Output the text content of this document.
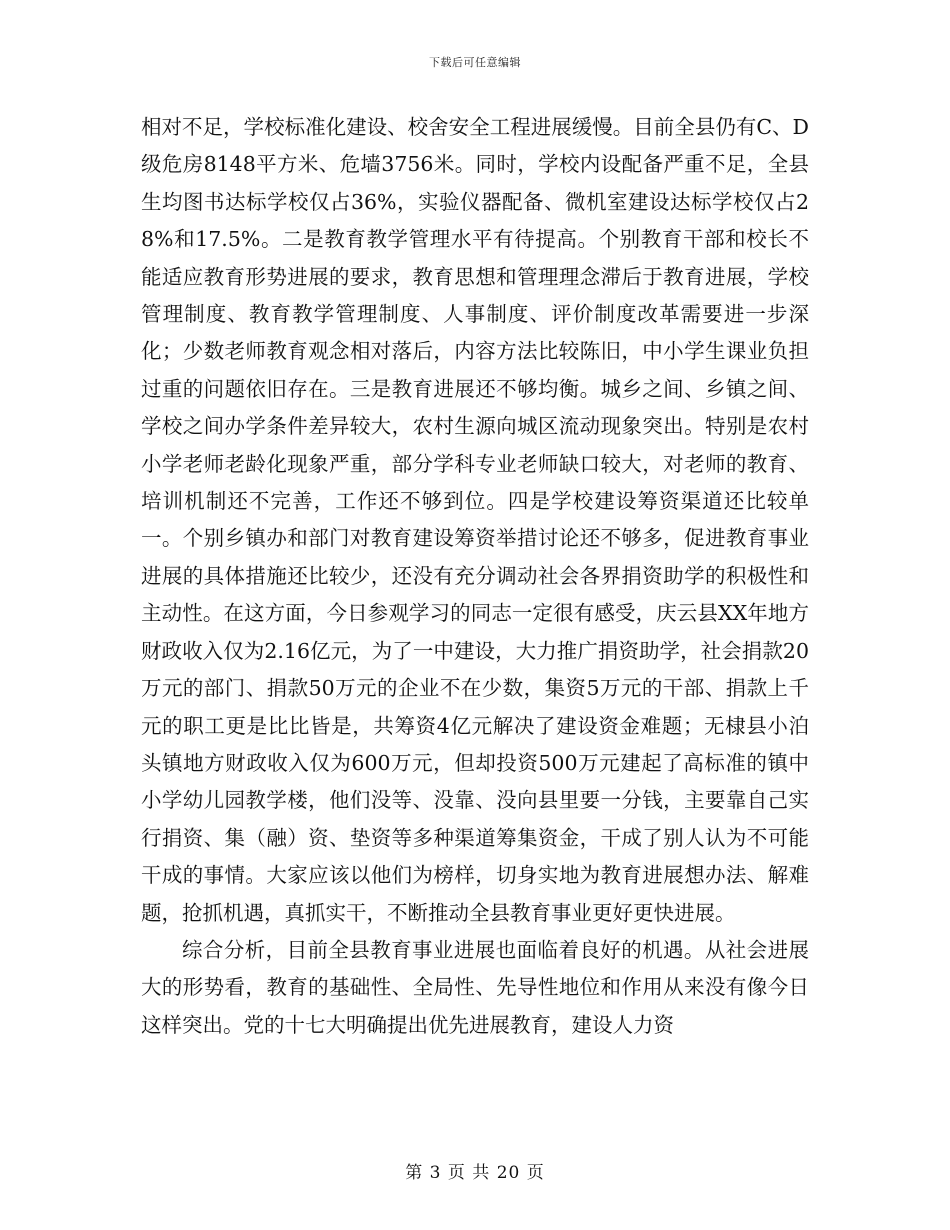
下载后可任意编辑

相对不足，学校标准化建设、校舍安全工程进展缓慢。目前全县仍有C、D级危房8148平方米、危墙3756米。同时，学校内设配备严重不足，全县生均图书达标学校仅占36%，实验仪器配备、微机室建设达标学校仅占28%和17.5%。二是教育教学管理水平有待提高。个别教育干部和校长不能适应教育形势进展的要求，教育思想和管理理念滞后于教育进展，学校管理制度、教育教学管理制度、人事制度、评价制度改革需要进一步深化；少数老师教育观念相对落后，内容方法比较陈旧，中小学生课业负担过重的问题依旧存在。三是教育进展还不够均衡。城乡之间、乡镇之间、学校之间办学条件差异较大，农村生源向城区流动现象突出。特别是农村小学老师老龄化现象严重，部分学科专业老师缺口较大，对老师的教育、培训机制还不完善，工作还不够到位。四是学校建设筹资渠道还比较单一。个别乡镇办和部门对教育建设筹资举措讨论还不够多，促进教育事业进展的具体措施还比较少，还没有充分调动社会各界捐资助学的积极性和主动性。在这方面，今日参观学习的同志一定很有感受，庆云县XX年地方财政收入仅为2.16亿元，为了一中建设，大力推广捐资助学，社会捐款20万元的部门、捐款50万元的企业不在少数，集资5万元的干部、捐款上千元的职工更是比比皆是，共筹资4亿元解决了建设资金难题；无棣县小泊头镇地方财政收入仅为600万元，但却投资500万元建起了高标准的镇中小学幼儿园教学楼，他们没等、没靠、没向县里要一分钱，主要靠自己实行捐资、集（融）资、垫资等多种渠道筹集资金，干成了别人认为不可能干成的事情。大家应该以他们为榜样，切身实地为教育进展想办法、解难题，抢抓机遇，真抓实干，不断推动全县教育事业更好更快进展。

综合分析，目前全县教育事业进展也面临着良好的机遇。从社会进展大的形势看，教育的基础性、全局性、先导性地位和作用从来没有像今日这样突出。党的十七大明确提出优先进展教育，建设人力资

第 3 页 共 20 页
